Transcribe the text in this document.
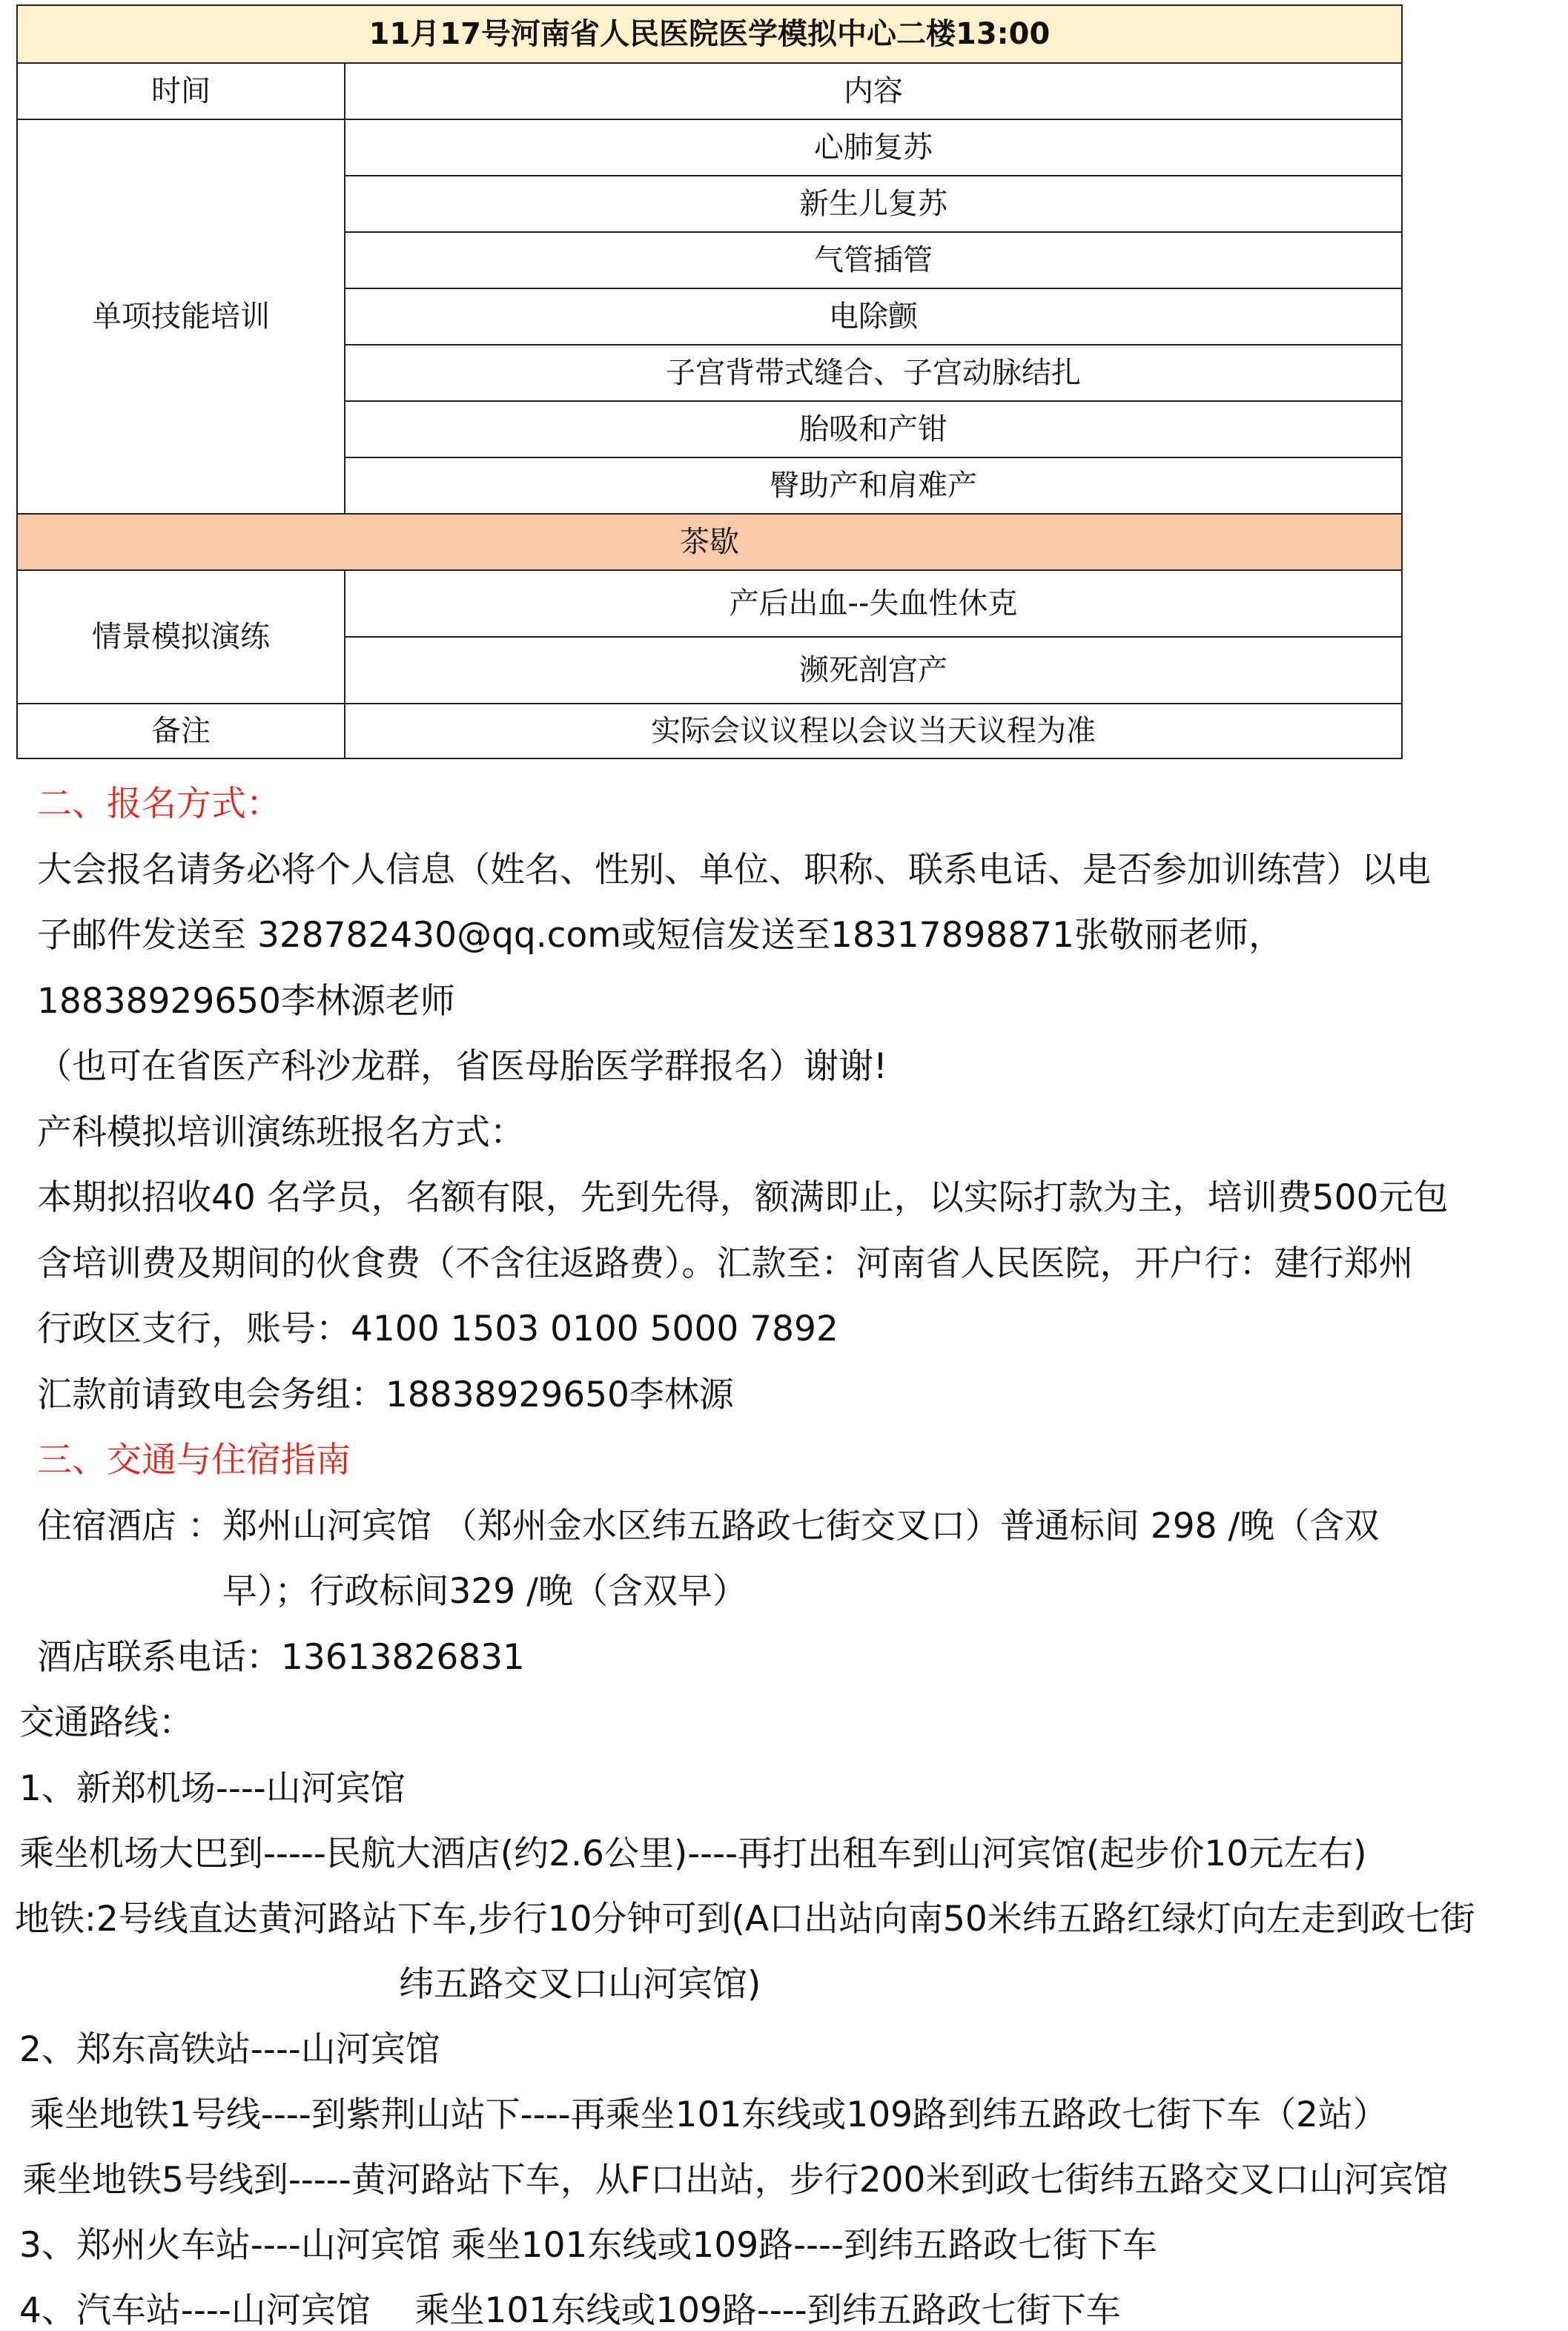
11月17号河南省人民医院医学模拟中心二楼13:00	
时间	内容
单项技能培训	心肺复苏
	新生儿复苏
	气管插管
	电除颤
	子宫背带式缝合、子宫动脉结扎
	胎吸和产钳
	臀助产和肩难产
茶歇	
情景模拟演练	产后出血--失血性休克
	濒死剖宫产
备注	实际会议议程以会议当天议程为准
二、报名方式：
大会报名请务必将个人信息（姓名、性别、单位、职称、联系电话、是否参加训练营）以电
子邮件发送至 328782430@qq.com或短信发送至18317898871张敬丽老师，
18838929650李林源老师
（也可在省医产科沙龙群，省医母胎医学群报名）谢谢!
产科模拟培训演练班报名方式：
本期拟招收40 名学员，名额有限，先到先得，额满即止，以实际打款为主，培训费500元包
含培训费及期间的伙食费（不含往返路费）。汇款至：河南省人民医院，开户行：建行郑州
行政区支行，账号：4100 1503 0100 5000 7892
汇款前请致电会务组：18838929650李林源
三、交通与住宿指南
住宿酒店 ：郑州山河宾馆 （郑州金水区纬五路政七街交叉口）普通标间 298 /晚（含双
早）；行政标间329 /晚（含双早）
酒店联系电话：13613826831
交通路线：
1、新郑机场----山河宾馆
乘坐机场大巴到-----民航大酒店(约2.6公里)----再打出租车到山河宾馆(起步价10元左右)
地铁:2号线直达黄河路站下车,步行10分钟可到(A口出站向南50米纬五路红绿灯向左走到政七街
纬五路交叉口山河宾馆)
2、郑东高铁站----山河宾馆
乘坐地铁1号线----到紫荆山站下----再乘坐101东线或109路到纬五路政七街下车（2站）
乘坐地铁5号线到-----黄河路站下车，从F口出站，步行200米到政七街纬五路交叉口山河宾馆
3、郑州火车站----山河宾馆 乘坐101东线或109路----到纬五路政七街下车
4、汽车站----山河宾馆    乘坐101东线或109路----到纬五路政七街下车
